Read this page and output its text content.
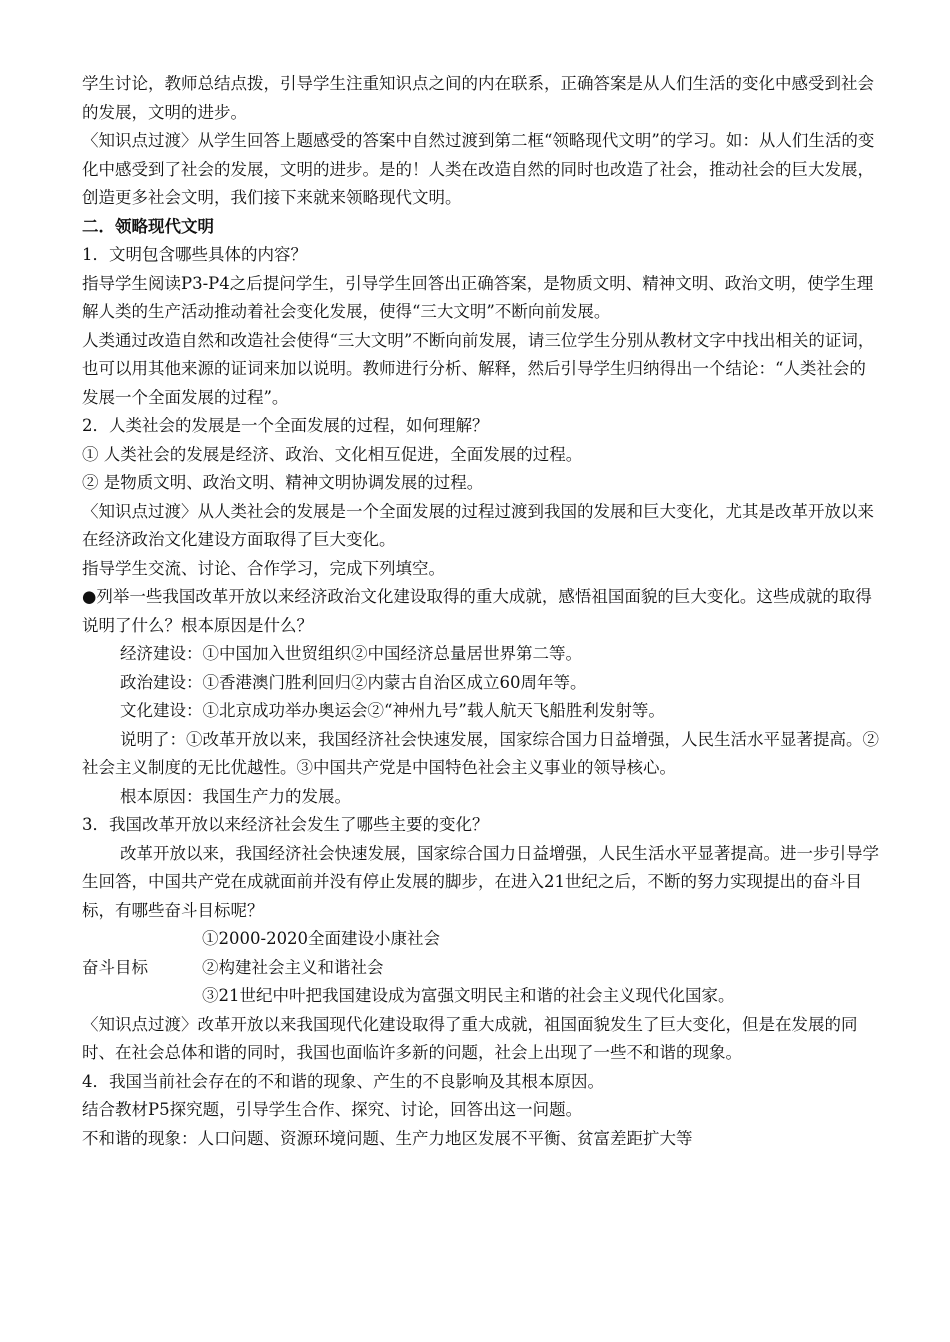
学生讨论，教师总结点拨，引导学生注重知识点之间的内在联系，正确答案是从人们生活的变化中感受到社会的发展，文明的进步。

〈知识点过渡〉从学生回答上题感受的答案中自然过渡到第二框“领略现代文明”的学习。如：从人们生活的变化中感受到了社会的发展，文明的进步。是的！人类在改造自然的同时也改造了社会，推动社会的巨大发展，创造更多社会文明，我们接下来就来领略现代文明。

二．领略现代文明

1．文明包含哪些具体的内容？

指导学生阅读P3-P4之后提问学生，引导学生回答出正确答案，是物质文明、精神文明、政治文明，使学生理解人类的生产活动推动着社会变化发展，使得“三大文明”不断向前发展。

人类通过改造自然和改造社会使得“三大文明”不断向前发展，请三位学生分别从教材文字中找出相关的证词，也可以用其他来源的证词来加以说明。教师进行分析、解释，然后引导学生归纳得出一个结论：“人类社会的发展一个全面发展的过程”。

2．人类社会的发展是一个全面发展的过程，如何理解？

① 人类社会的发展是经济、政治、文化相互促进，全面发展的过程。

② 是物质文明、政治文明、精神文明协调发展的过程。

〈知识点过渡〉从人类社会的发展是一个全面发展的过程过渡到我国的发展和巨大变化，尤其是改革开放以来在经济政治文化建设方面取得了巨大变化。

指导学生交流、讨论、合作学习，完成下列填空。

●列举一些我国改革开放以来经济政治文化建设取得的重大成就，感悟祖国面貌的巨大变化。这些成就的取得说明了什么？根本原因是什么？

经济建设：①中国加入世贸组织②中国经济总量居世界第二等。

政治建设：①香港澳门胜利回归②内蒙古自治区成立60周年等。

文化建设：①北京成功举办奥运会②“神州九号”载人航天飞船胜利发射等。

说明了：①改革开放以来，我国经济社会快速发展，国家综合国力日益增强，人民生活水平显著提高。②社会主义制度的无比优越性。③中国共产党是中国特色社会主义事业的领导核心。

根本原因：我国生产力的发展。

3．我国改革开放以来经济社会发生了哪些主要的变化？

改革开放以来，我国经济社会快速发展，国家综合国力日益增强，人民生活水平显著提高。进一步引导学生回答，中国共产党在成就面前并没有停止发展的脚步，在进入21世纪之后，不断的努力实现提出的奋斗目标，有哪些奋斗目标呢？

①2000-2020全面建设小康社会

奋斗目标	②构建社会主义和谐社会

③21世纪中叶把我国建设成为富强文明民主和谐的社会主义现代化国家。

〈知识点过渡〉改革开放以来我国现代化建设取得了重大成就，祖国面貌发生了巨大变化，但是在发展的同时、在社会总体和谐的同时，我国也面临许多新的问题，社会上出现了一些不和谐的现象。

4．我国当前社会存在的不和谐的现象、产生的不良影响及其根本原因。

结合教材P5探究题，引导学生合作、探究、讨论，回答出这一问题。

不和谐的现象：人口问题、资源环境问题、生产力地区发展不平衡、贫富差距扩大等
